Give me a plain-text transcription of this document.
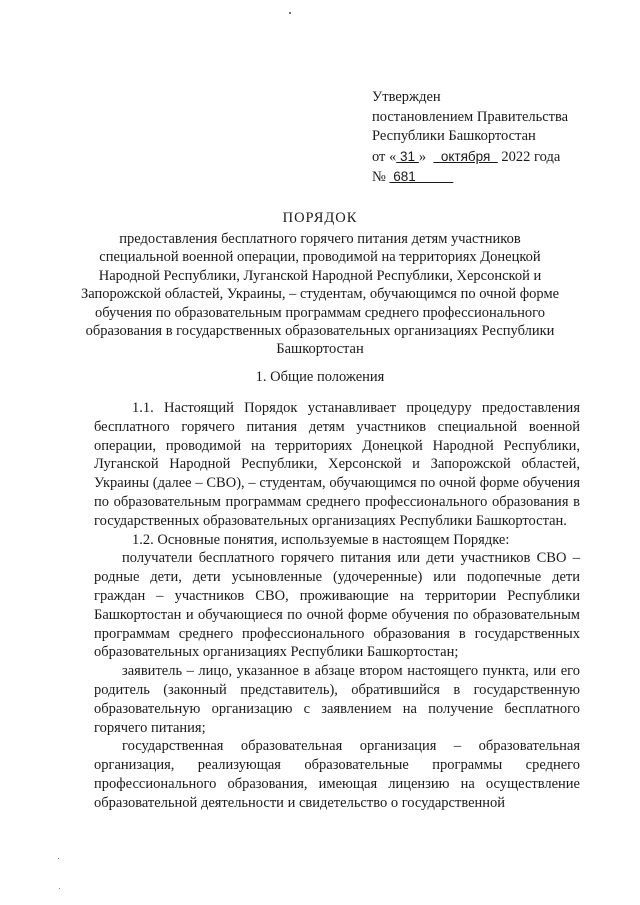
Утвержден
постановлением Правительства
Республики Башкортостан
от « 31 »    октября   2022 года
№  681
ПОРЯДОК
предоставления бесплатного горячего питания детям участников специальной военной операции, проводимой на территориях Донецкой Народной Республики, Луганской Народной Республики, Херсонской и Запорожской областей, Украины, – студентам, обучающимся по очной форме обучения по образовательным программам среднего профессионального образования в государственных образовательных организациях Республики Башкортостан
1. Общие положения

1.1. Настоящий Порядок устанавливает процедуру предоставления бесплатного горячего питания детям участников специальной военной операции, проводимой на территориях Донецкой Народной Республики, Луганской Народной Республики, Херсонской и Запорожской областей, Украины (далее – СВО), – студентам, обучающимся по очной форме обучения по образовательным программам среднего профессионального образования в государственных образовательных организациях Республики Башкортостан.

1.2. Основные понятия, используемые в настоящем Порядке:

получатели бесплатного горячего питания или дети участников СВО – родные дети, дети усыновленные (удочеренные) или подопечные дети граждан – участников СВО, проживающие на территории Республики Башкортостан и обучающиеся по очной форме обучения по образовательным программам среднего профессионального образования в государственных образовательных организациях Республики Башкортостан;

заявитель – лицо, указанное в абзаце втором настоящего пункта, или его родитель (законный представитель), обратившийся в государственную образовательную организацию с заявлением на получение бесплатного горячего питания;

государственная образовательная организация – образовательная организация, реализующая образовательные программы среднего профессионального образования, имеющая лицензию на осуществление образовательной деятельности и свидетельство о государственной
